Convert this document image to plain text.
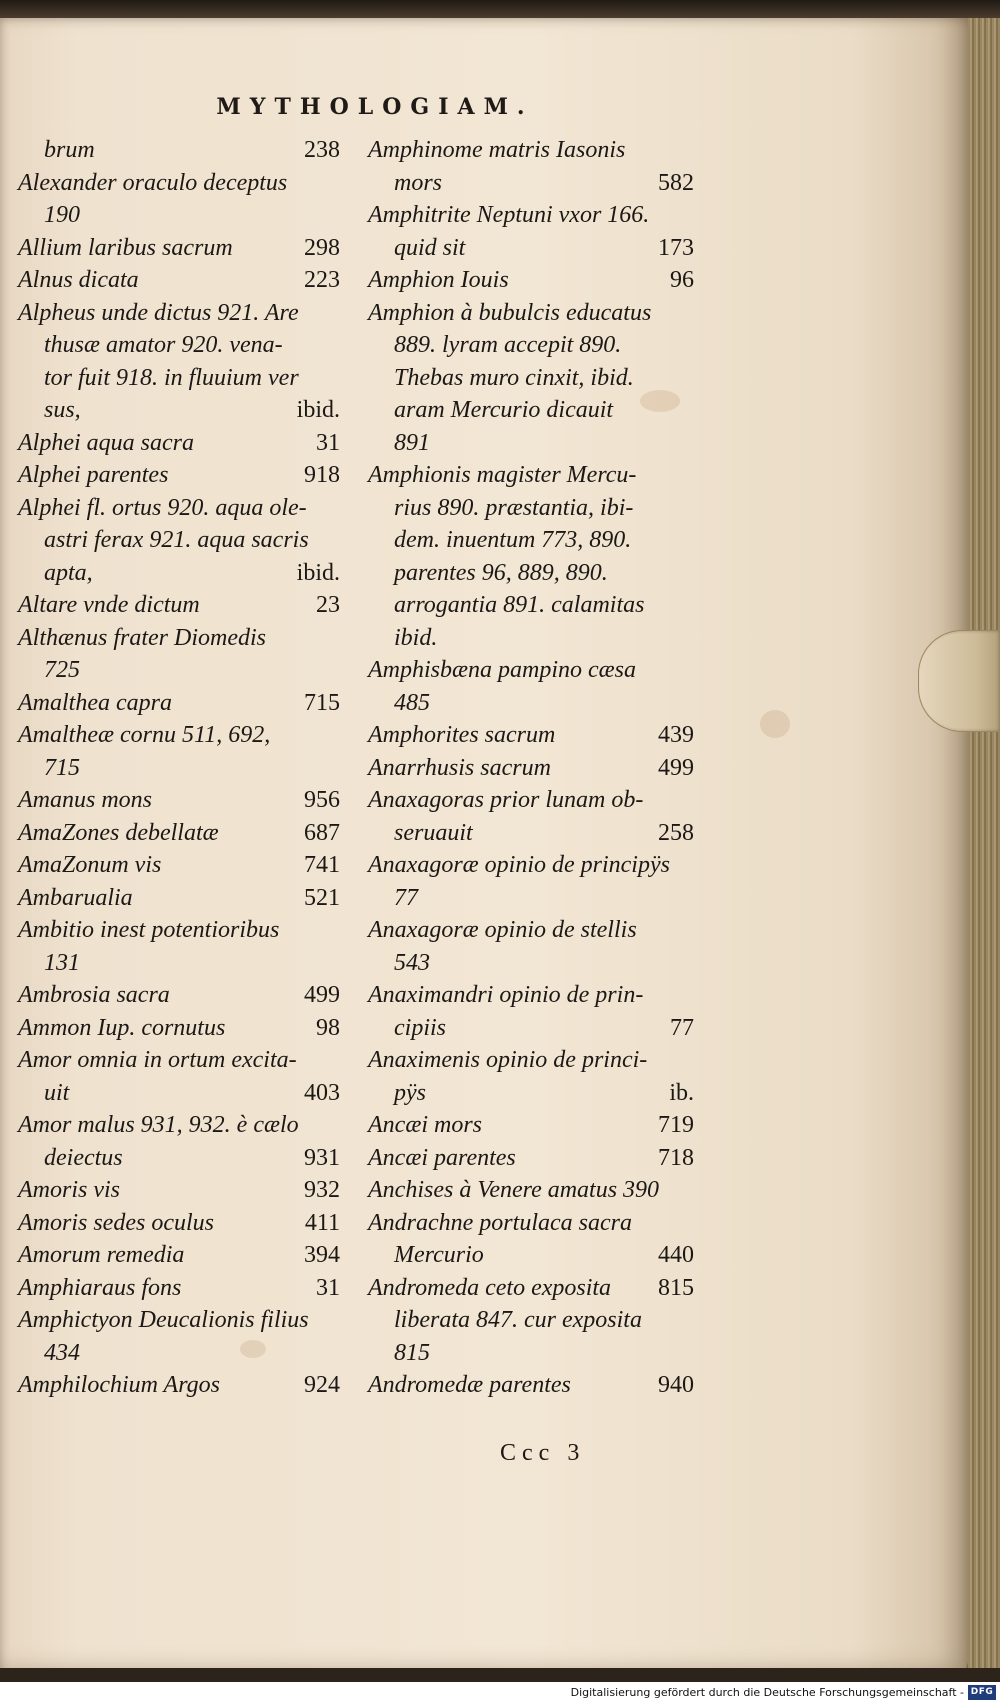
MYTHOLOGIAM.
brum	238
Alexander oraculo deceptus
190
Allium laribus sacrum	298
Alnus dicata	223
Alpheus unde dictus 921. Are
thusæ amator 920. vena-
tor fuit 918. in fluuium ver
sus,	ibid.
Alphei aqua sacra	31
Alphei parentes	918
Alphei fl. ortus 920. aqua ole-
astri ferax 921. aqua sacris
apta,	ibid.
Altare vnde dictum	23
Althænus frater Diomedis
725
Amalthea capra	715
Amaltheæ cornu 511, 692,
715
Amanus mons	956
AmaZones debellatæ	687
AmaZonum vis	741
Ambarualia	521
Ambitio inest potentioribus
131
Ambrosia sacra	499
Ammon Iup. cornutus	98
Amor omnia in ortum excita-
uit	403
Amor malus 931, 932. è cælo
deiectus	931
Amoris vis	932
Amoris sedes oculus	411
Amorum remedia	394
Amphiaraus fons	31
Amphictyon Deucalionis filius
434
Amphilochium Argos	924
Amphinome matris Iasonis
mors	582
Amphitrite Neptuni vxor 166.
quid sit	173
Amphion Iouis	96
Amphion à bubulcis educatus
889. lyram accepit 890.
Thebas muro cinxit, ibid.
aram Mercurio dicauit
891
Amphionis magister Mercu-
rius 890. præstantia, ibi-
dem. inuentum 773, 890.
parentes 96, 889, 890.
arrogantia 891. calamitas
ibid.
Amphisbæna pampino cæsa
485
Amphorites sacrum	439
Anarrhusis sacrum	499
Anaxagoras prior lunam ob-
seruauit	258
Anaxagoræ opinio de principÿs
77
Anaxagoræ opinio de stellis
543
Anaximandri opinio de prin-
cipiis	77
Anaximenis opinio de princi-
pÿs	ib.
Ancæi mors	719
Ancæi parentes	718
Anchises à Venere amatus 390
Andrachne portulaca sacra
Mercurio	440
Andromeda ceto exposita 815
liberata 847. cur exposita
815
Andromedæ parentes	940
Ccc 3
Digitalisierung gefördert durch die Deutsche Forschungsgemeinschaft - DFG
